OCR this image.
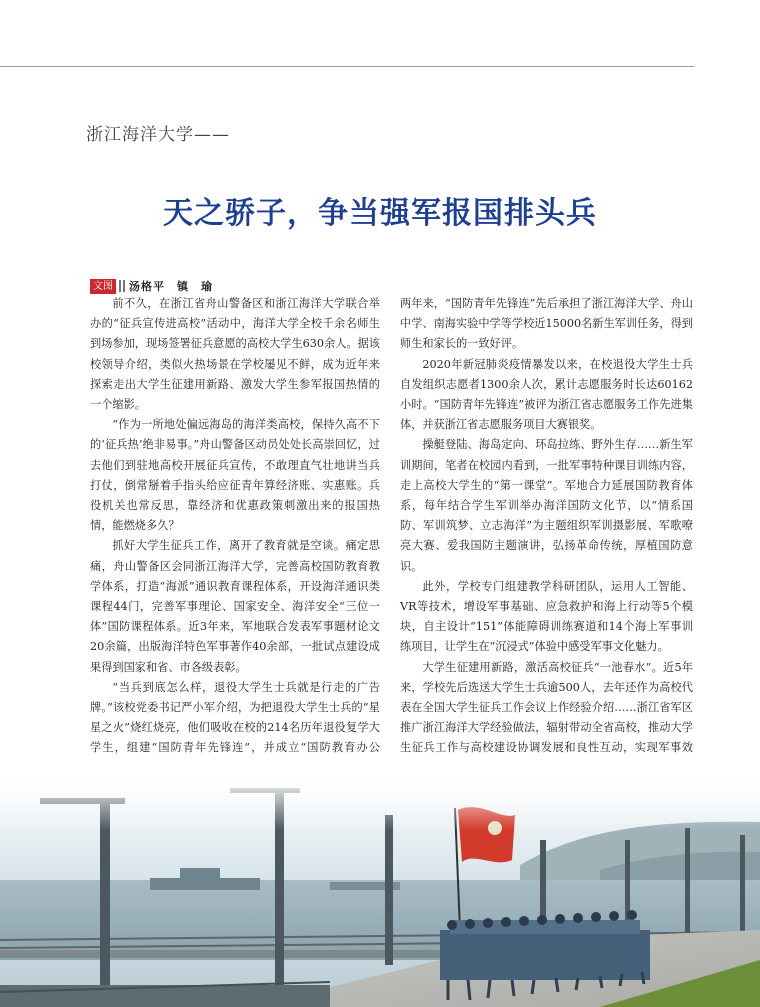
浙江海洋大学——
天之骄子，争当强军报国排头兵
文图 汤格平　镇　瑜

前不久，在浙江省舟山警备区和浙江海洋大学联合举办的“征兵宣传进高校”活动中，海洋大学全校千余名师生到场参加，现场签署征兵意愿的高校大学生630余人。据该校领导介绍，类似火热场景在学校屡见不鲜，成为近年来探索走出大学生征建用新路、激发大学生参军报国热情的一个缩影。

“作为一所地处偏远海岛的海洋类高校，保持久高不下的‘征兵热’绝非易事。”舟山警备区动员处处长高崇回忆，过去他们到驻地高校开展征兵宣传，不敢理直气壮地讲当兵打仗，倒常掰着手指头给应征青年算经济账、实惠账。兵役机关也常反思，靠经济和优惠政策刺激出来的报国热情，能燃烧多久？

抓好大学生征兵工作，离开了教育就是空谈。痛定思痛，舟山警备区会同浙江海洋大学，完善高校国防教育教学体系，打造“海派”通识教育课程体系，开设海洋通识类课程44门，完善军事理论、国家安全、海洋安全“三位一体”国防课程体系。近3年来，军地联合发表军事题材论文20余篇，出版海洋特色军事著作40余部，一批试点建设成果得到国家和省、市各级表彰。

“当兵到底怎么样，退役大学生士兵就是行走的广告牌。”该校党委书记严小军介绍，为把退役大学生士兵的“星星之火”烧红烧亮，他们吸收在校的214名历年退役复学大学生，组建“国防青年先锋连”，并成立“国防教育办公

两年来，“国防青年先锋连”先后承担了浙江海洋大学、舟山中学、南海实验中学等学校近15000名新生军训任务，得到师生和家长的一致好评。

2020年新冠肺炎疫情暴发以来，在校退役大学生士兵自发组织志愿者1300余人次，累计志愿服务时长达60162小时。“国防青年先锋连”被评为浙江省志愿服务工作先进集体，并获浙江省志愿服务项目大赛银奖。

操艇登陆、海岛定向、环岛拉练、野外生存……新生军训期间，笔者在校园内看到，一批军事特种课目训练内容，走上高校大学生的“第一课堂”。军地合力延展国防教育体系，每年结合学生军训举办海洋国防文化节，以“情系国防、军训筑梦、立志海洋”为主题组织军训摄影展、军歌嘹亮大赛、爱我国防主题演讲，弘扬革命传统，厚植国防意识。

此外，学校专门组建教学科研团队，运用人工智能、VR等技术，增设军事基础、应急救护和海上行动等5个模块，自主设计“151”体能障碍训练赛道和14个海上军事训练项目，让学生在“沉浸式”体验中感受军事文化魅力。

大学生征建用新路，激活高校征兵“一池春水”。近5年来，学校先后选送大学生士兵逾500人，去年还作为高校代表在全国大学生征兵工作会议上作经验介绍……浙江省军区推广浙江海洋大学经验做法，辐射带动全省高校，推动大学生征兵工作与高校建设协调发展和良性互动，实现军事效
